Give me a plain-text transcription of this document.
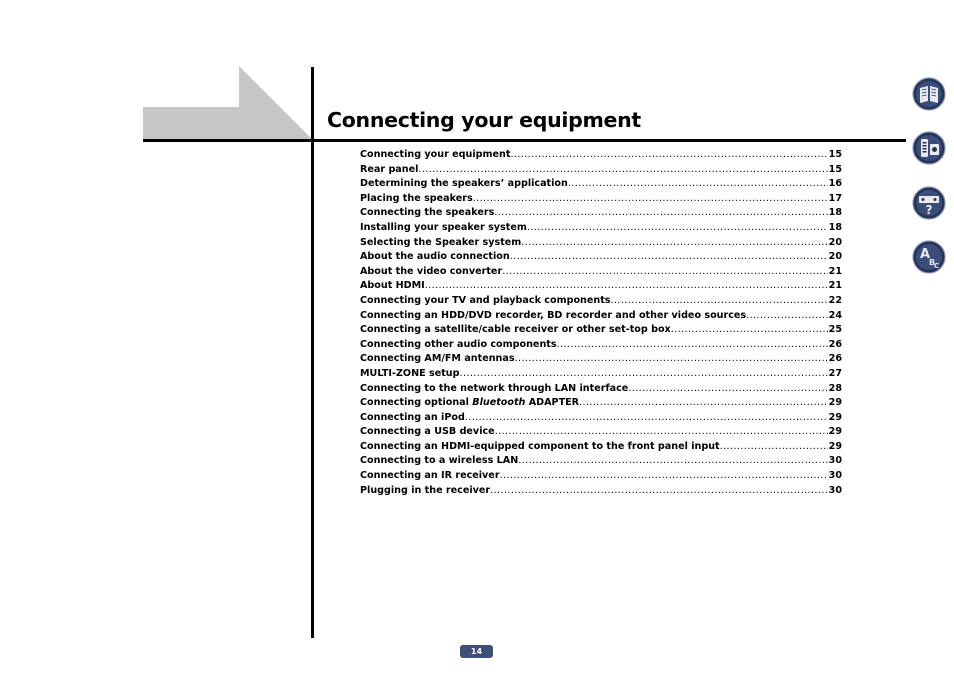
Connecting your equipment
Connecting your equipment .....	15
Rear panel .....	15
Determining the speakers’ application .....	16
Placing the speakers .....	17
Connecting the speakers .....	18
Installing your speaker system .....	18
Selecting the Speaker system .....	20
About the audio connection .....	20
About the video converter .....	21
About HDMI .....	21
Connecting your TV and playback components .....	22
Connecting an HDD/DVD recorder, BD recorder and other video sources .....	24
Connecting a satellite/cable receiver or other set-top box .....	25
Connecting other audio components .....	26
Connecting AM/FM antennas .....	26
MULTI-ZONE setup .....	27
Connecting to the network through LAN interface .....	28
Connecting optional Bluetooth ADAPTER .....	29
Connecting an iPod .....	29
Connecting a USB device .....	29
Connecting an HDMI-equipped component to the front panel input .....	29
Connecting to a wireless LAN .....	30
Connecting an IR receiver .....	30
Plugging in the receiver .....	30
?
A
B
C
14
